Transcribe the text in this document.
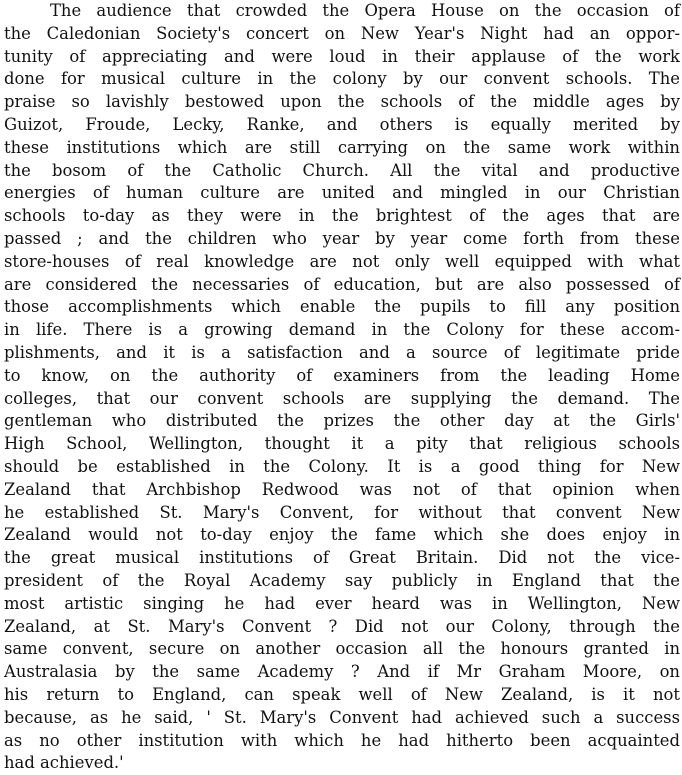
The audience that crowded the Opera House on the occasion of
the Caledonian Society's concert on New Year's Night had an oppor-
tunity of appreciating and were loud in their applause of the work
done for musical culture in the colony by our convent schools. The
praise so lavishly bestowed upon the schools of the middle ages by
Guizot, Froude, Lecky, Ranke, and others is equally merited by
these institutions which are still carrying on the same work within
the bosom of the Catholic Church. All the vital and productive
energies of human culture are united and mingled in our Christian
schools to-day as they were in the brightest of the ages that are
passed ; and the children who year by year come forth from these
store-houses of real knowledge are not only well equipped with what
are considered the necessaries of education, but are also possessed of
those accomplishments which enable the pupils to fill any position
in life. There is a growing demand in the Colony for these accom-
plishments, and it is a satisfaction and a source of legitimate pride
to know, on the authority of examiners from the leading Home
colleges, that our convent schools are supplying the demand. The
gentleman who distributed the prizes the other day at the Girls'
High School, Wellington, thought it a pity that religious schools
should be established in the Colony. It is a good thing for New
Zealand that Archbishop Redwood was not of that opinion when
he established St. Mary's Convent, for without that convent New
Zealand would not to-day enjoy the fame which she does enjoy in
the great musical institutions of Great Britain. Did not the vice-
president of the Royal Academy say publicly in England that the
most artistic singing he had ever heard was in Wellington, New
Zealand, at St. Mary's Convent ? Did not our Colony, through the
same convent, secure on another occasion all the honours granted in
Australasia by the same Academy ? And if Mr Graham Moore, on
his return to England, can speak well of New Zealand, is it not
because, as he said, ' St. Mary's Convent had achieved such a success
as no other institution with which he had hitherto been acquainted
had achieved.'
